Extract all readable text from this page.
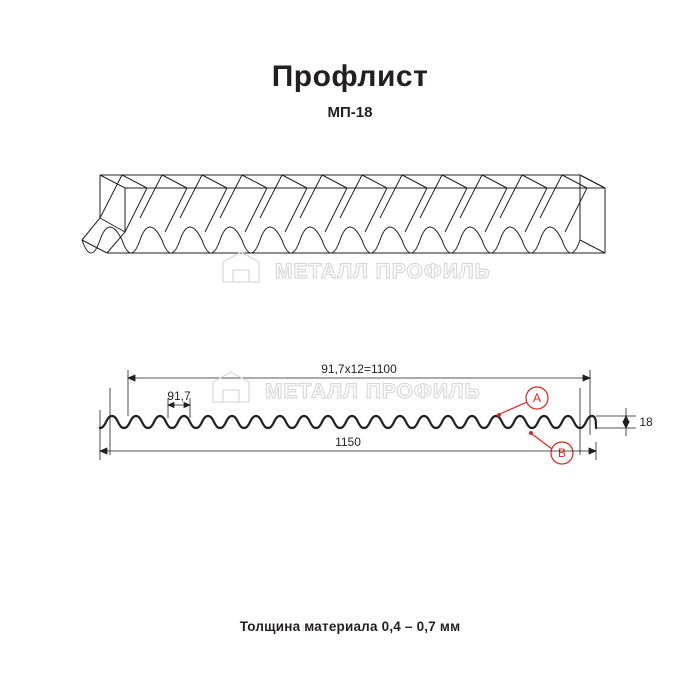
Профлист
МП-18
МЕТАЛЛ ПРОФИЛЬ
91,7х12=1100
91,7	A
B
1150
18
МЕТАЛЛ ПРОФИЛЬ
Толщина материала 0,4 – 0,7 мм
